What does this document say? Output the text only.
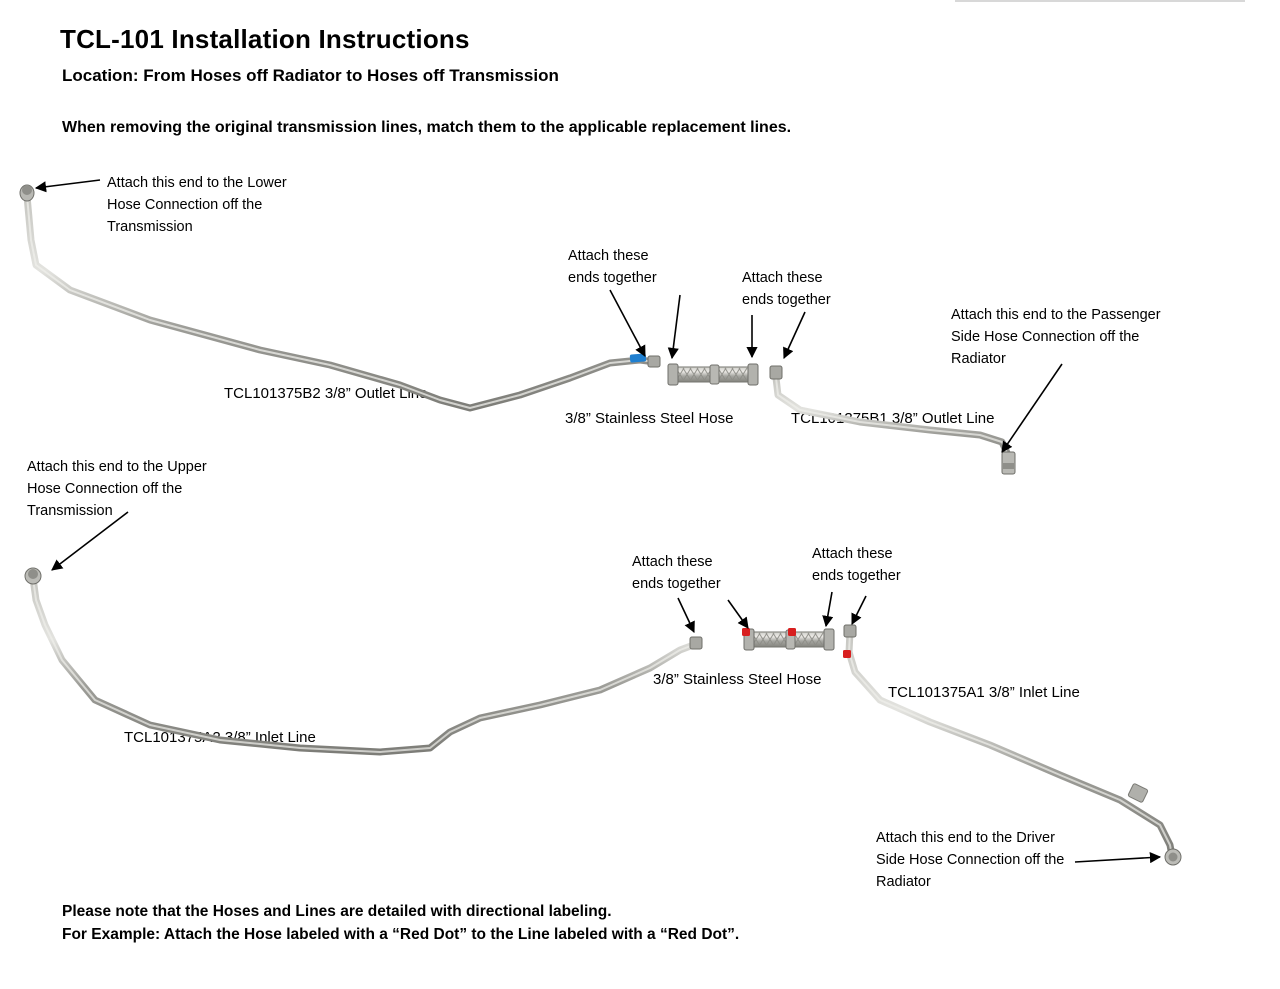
TCL-101 Installation Instructions
Location: From Hoses off Radiator to Hoses off Transmission
When removing the original transmission lines, match them to the applicable replacement lines.
Attach this end to the Lower
Hose Connection off the
Transmission
Attach these
ends together	Attach these
ends together
Attach this end to the Passenger
Side Hose Connection off the
Radiator
Attach this end to the Upper
Hose Connection off the
Transmission
Attach these
ends together
Attach these
ends together
Attach this end to the Driver
Side Hose Connection off the
Radiator
TCL101375B2 3/8” Outlet Line
3/8” Stainless Steel Hose	TCL101375B1 3/8” Outlet Line
TCL101375A2 3/8” Inlet Line
3/8” Stainless Steel Hose
TCL101375A1 3/8” Inlet Line
Please note that the Hoses and Lines are detailed with directional labeling.
For Example: Attach the Hose labeled with a “Red Dot” to the Line labeled with a “Red Dot”.
